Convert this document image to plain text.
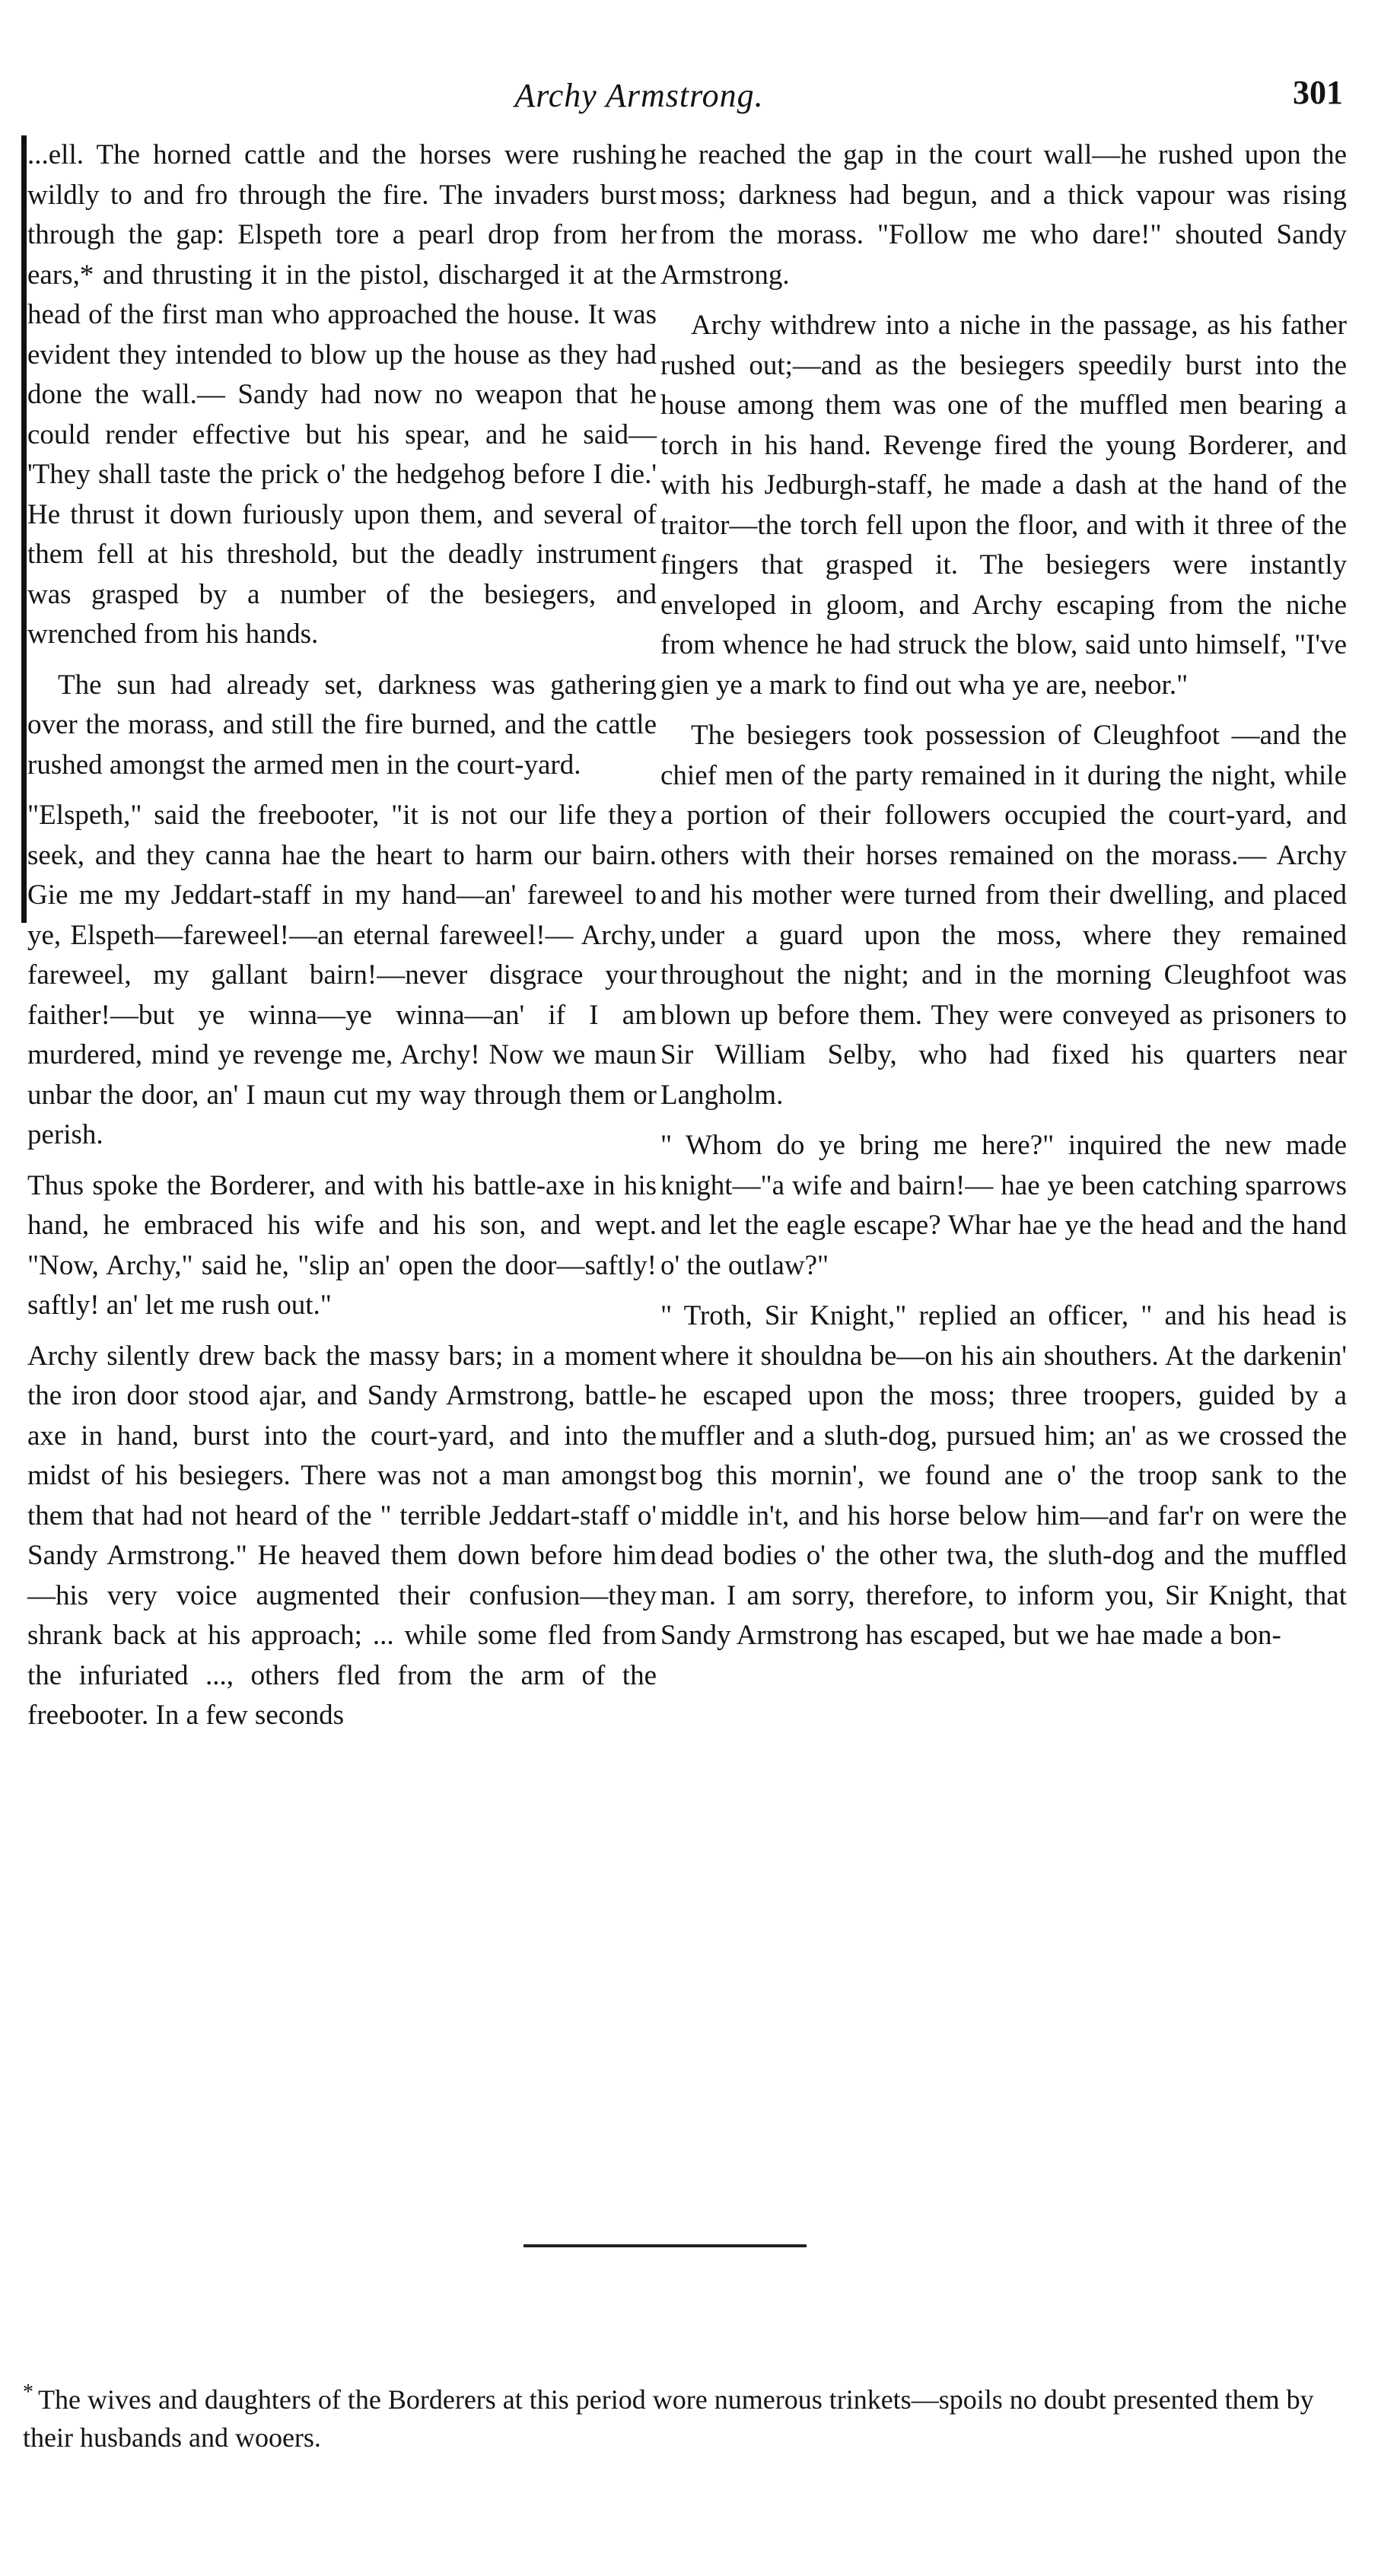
Archy Armstrong.	301

...ell. The horned cattle and the horses were rushing wildly to and fro through the fire. The invaders burst through the gap: Elspeth tore a pearl drop from her ears,* and thrusting it in the pistol, discharged it at the head of the first man who approached the house. It was evident they intended to blow up the house as they had done the wall.— Sandy had now no weapon that he could render effective but his spear, and he said— 'They shall taste the prick o' the hedgehog before I die.' He thrust it down furiously upon them, and several of them fell at his threshold, but the deadly instrument was grasped by a number of the besiegers, and wrenched from his hands.

The sun had already set, darkness was gathering over the morass, and still the fire burned, and the cattle rushed amongst the armed men in the court-yard.

"Elspeth," said the freebooter, "it is not our life they seek, and they canna hae the heart to harm our bairn. Gie me my Jeddart-staff in my hand—an' fareweel to ye, Elspeth—fareweel!—an eternal fareweel!— Archy, fareweel, my gallant bairn!—never disgrace your faither!—but ye winna—ye winna—an' if I am murdered, mind ye revenge me, Archy! Now we maun unbar the door, an' I maun cut my way through them or perish.

Thus spoke the Borderer, and with his battle-axe in his hand, he embraced his wife and his son, and wept. "Now, Archy," said he, "slip an' open the door—saftly! saftly! an' let me rush out."

Archy silently drew back the massy bars; in a moment the iron door stood ajar, and Sandy Armstrong, battle-axe in hand, burst into the court-yard, and into the midst of his besiegers. There was not a man amongst them that had not heard of the " terrible Jeddart-staff o' Sandy Armstrong." He heaved them down before him—his very voice augmented their confusion—they shrank back at his approach; ... while some fled from the infuriated ..., others fled from the arm of the freebooter. In a few seconds

he reached the gap in the court wall—he rushed upon the moss; darkness had begun, and a thick vapour was rising from the morass. "Follow me who dare!" shouted Sandy Armstrong.

Archy withdrew into a niche in the passage, as his father rushed out;—and as the besiegers speedily burst into the house among them was one of the muffled men bearing a torch in his hand. Revenge fired the young Borderer, and with his Jedburgh-staff, he made a dash at the hand of the traitor—the torch fell upon the floor, and with it three of the fingers that grasped it. The besiegers were instantly enveloped in gloom, and Archy escaping from the niche from whence he had struck the blow, said unto himself, "I've gien ye a mark to find out wha ye are, neebor."

The besiegers took possession of Cleughfoot —and the chief men of the party remained in it during the night, while a portion of their followers occupied the court-yard, and others with their horses remained on the morass.— Archy and his mother were turned from their dwelling, and placed under a guard upon the moss, where they remained throughout the night; and in the morning Cleughfoot was blown up before them. They were conveyed as prisoners to Sir William Selby, who had fixed his quarters near Langholm.

" Whom do ye bring me here?" inquired the new made knight—"a wife and bairn!— hae ye been catching sparrows and let the eagle escape? Whar hae ye the head and the hand o' the outlaw?"

" Troth, Sir Knight," replied an officer, " and his head is where it shouldna be—on his ain shouthers. At the darkenin' he escaped upon the moss; three troopers, guided by a muffler and a sluth-dog, pursued him; an' as we crossed the bog this mornin', we found ane o' the troop sank to the middle in't, and his horse below him—and far'r on were the dead bodies o' the other twa, the sluth-dog and the muffled man. I am sorry, therefore, to inform you, Sir Knight, that Sandy Armstrong has escaped, but we hae made a bon-

* The wives and daughters of the Borderers at this period wore numerous trinkets—spoils no doubt presented them by their husbands and wooers.
